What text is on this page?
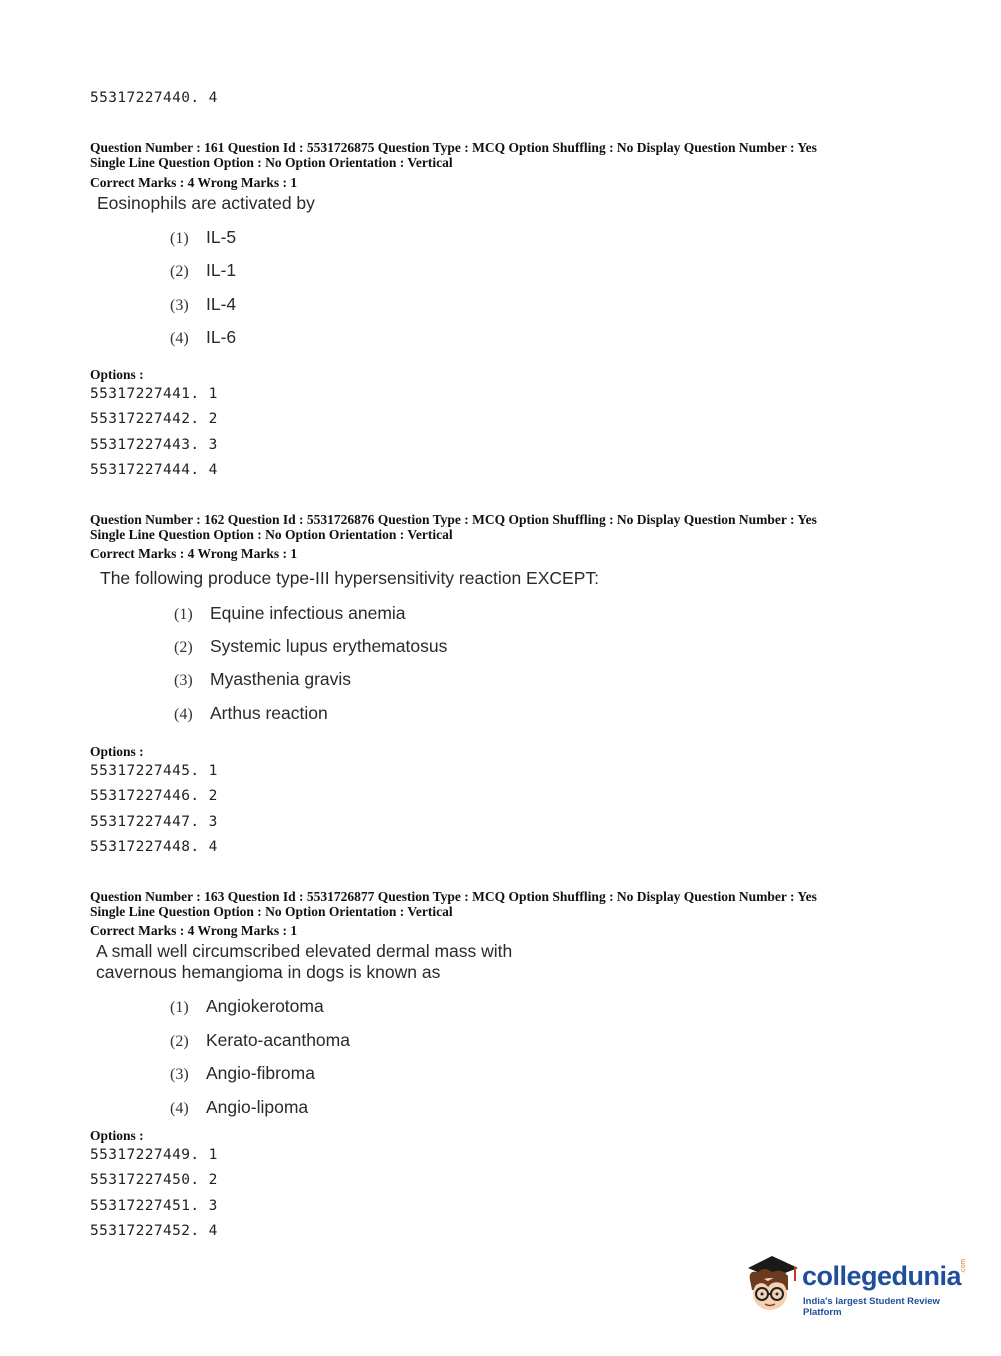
55317227440. 4
Question Number : 161 Question Id : 5531726875 Question Type : MCQ Option Shuffling : No Display Question Number : Yes
Single Line Question Option : No Option Orientation : Vertical
Correct Marks : 4 Wrong Marks : 1
Eosinophils are activated by
(1) IL-5
(2) IL-1
(3) IL-4
(4) IL-6
Options :
55317227441. 1
55317227442. 2
55317227443. 3
55317227444. 4
Question Number : 162 Question Id : 5531726876 Question Type : MCQ Option Shuffling : No Display Question Number : Yes
Single Line Question Option : No Option Orientation : Vertical
Correct Marks : 4 Wrong Marks : 1
The following produce type-III hypersensitivity reaction EXCEPT:
(1) Equine infectious anemia
(2) Systemic lupus erythematosus
(3) Myasthenia gravis
(4) Arthus reaction
Options :
55317227445. 1
55317227446. 2
55317227447. 3
55317227448. 4
Question Number : 163 Question Id : 5531726877 Question Type : MCQ Option Shuffling : No Display Question Number : Yes
Single Line Question Option : No Option Orientation : Vertical
Correct Marks : 4 Wrong Marks : 1
A small well circumscribed elevated dermal mass with
cavernous hemangioma in dogs is known as
(1) Angiokerotoma
(2) Kerato-acanthoma
(3) Angio-fibroma
(4) Angio-lipoma
Options :
55317227449. 1
55317227450. 2
55317227451. 3
55317227452. 4
collegedunia
.com
India's largest Student Review Platform
